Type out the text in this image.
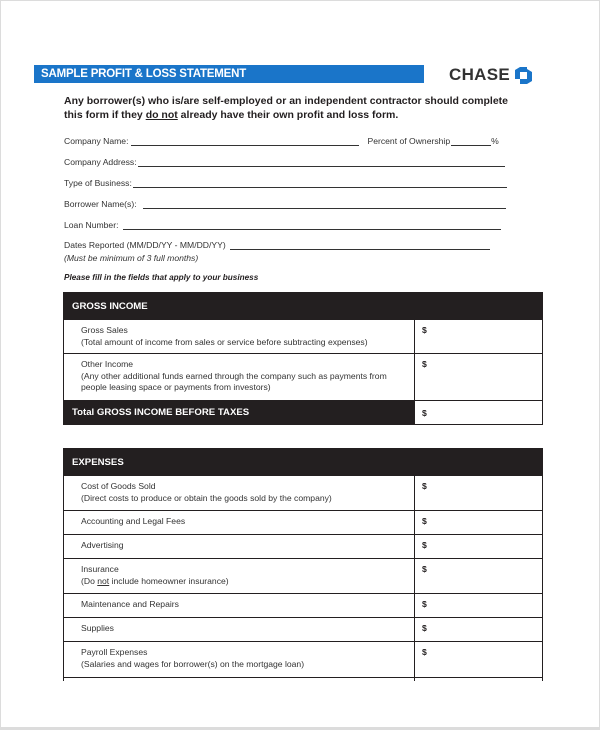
SAMPLE PROFIT & LOSS STATEMENT	CHASE
Any borrower(s) who is/are self-employed or an independent contractor should complete this form if they do not already have their own profit and loss form.
Company Name:	Percent of Ownership	%
Company Address:
Type of Business:
Borrower Name(s):
Loan Number:
Dates Reported (MM/DD/YY - MM/DD/YY)
(Must be minimum of 3 full months)
Please fill in the fields that apply to your business
GROSS INCOME	

Gross Sales
(Total amount of income from sales or service before subtracting expenses)	$

Other Income
(Any other additional funds earned through the company such as payments from people leasing space or payments from investors)	$
Total GROSS INCOME BEFORE TAXES	$
EXPENSES	

Cost of Goods Sold
(Direct costs to produce or obtain the goods sold by the company)	$

Accounting and Legal Fees	$

Advertising	$

Insurance
(Do not include homeowner insurance)	$

Maintenance and Repairs	$

Supplies	$

Payroll Expenses
(Salaries and wages for borrower(s) on the mortgage loan)	$
